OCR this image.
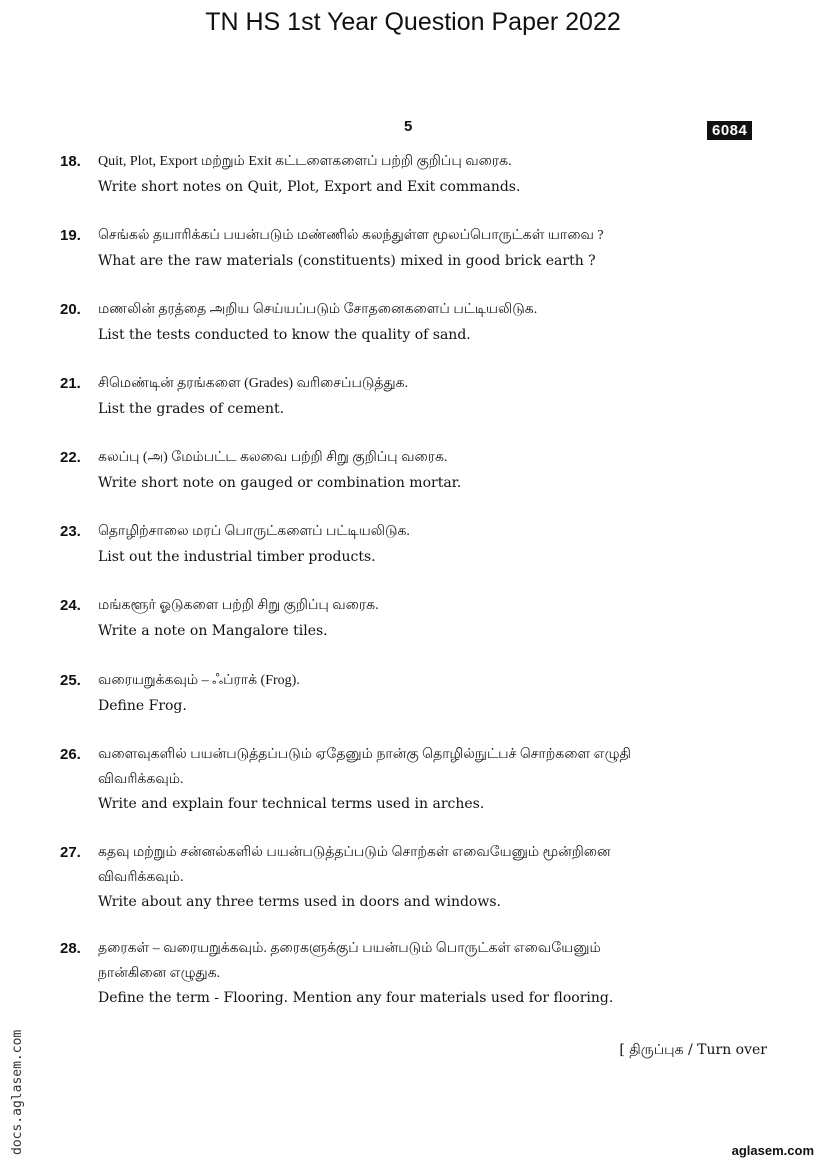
TN HS 1st Year Question Paper 2022
5	6084
18. Quit, Plot, Export மற்றும் Exit கட்டளைகளைப் பற்றி குறிப்பு வரைக.
Write short notes on Quit, Plot, Export and Exit commands.
19. செங்கல் தயாரிக்கப் பயன்படும் மண்ணில் கலந்துள்ள மூலப்பொருட்கள் யாவை ?
What are the raw materials (constituents) mixed in good brick earth ?
20. மணலின் தரத்தை அறிய செய்யப்படும் சோதனைகளைப் பட்டியலிடுக.
List the tests conducted to know the quality of sand.
21. சிமெண்டின் தரங்களை (Grades) வரிசைப்படுத்துக.
List the grades of cement.
22. கலப்பு (அ) மேம்பட்ட கலவை பற்றி சிறு குறிப்பு வரைக.
Write short note on gauged or combination mortar.
23. தொழிற்சாலை மரப் பொருட்களைப் பட்டியலிடுக.
List out the industrial timber products.
24. மங்களூர் ஓடுகளை பற்றி சிறு குறிப்பு வரைக.
Write a note on Mangalore tiles.
25. வரையறுக்கவும் – ஃப்ராக் (Frog).
Define Frog.
26. வளைவுகளில் பயன்படுத்தப்படும் ஏதேனும் நான்கு தொழில்நுட்பச் சொற்களை எழுதி
விவரிக்கவும்.
Write and explain four technical terms used in arches.
27. கதவு மற்றும் சன்னல்களில் பயன்படுத்தப்படும் சொற்கள் எவையேனும் மூன்றினை
விவரிக்கவும்.
Write about any three terms used in doors and windows.
28. தரைகள் – வரையறுக்கவும். தரைகளுக்குப் பயன்படும் பொருட்கள் எவையேனும்
நான்கினை எழுதுக.
Define the term - Flooring. Mention any four materials used for flooring.
[ திருப்புக / Turn over
docs.aglasem.com	aglasem.com
